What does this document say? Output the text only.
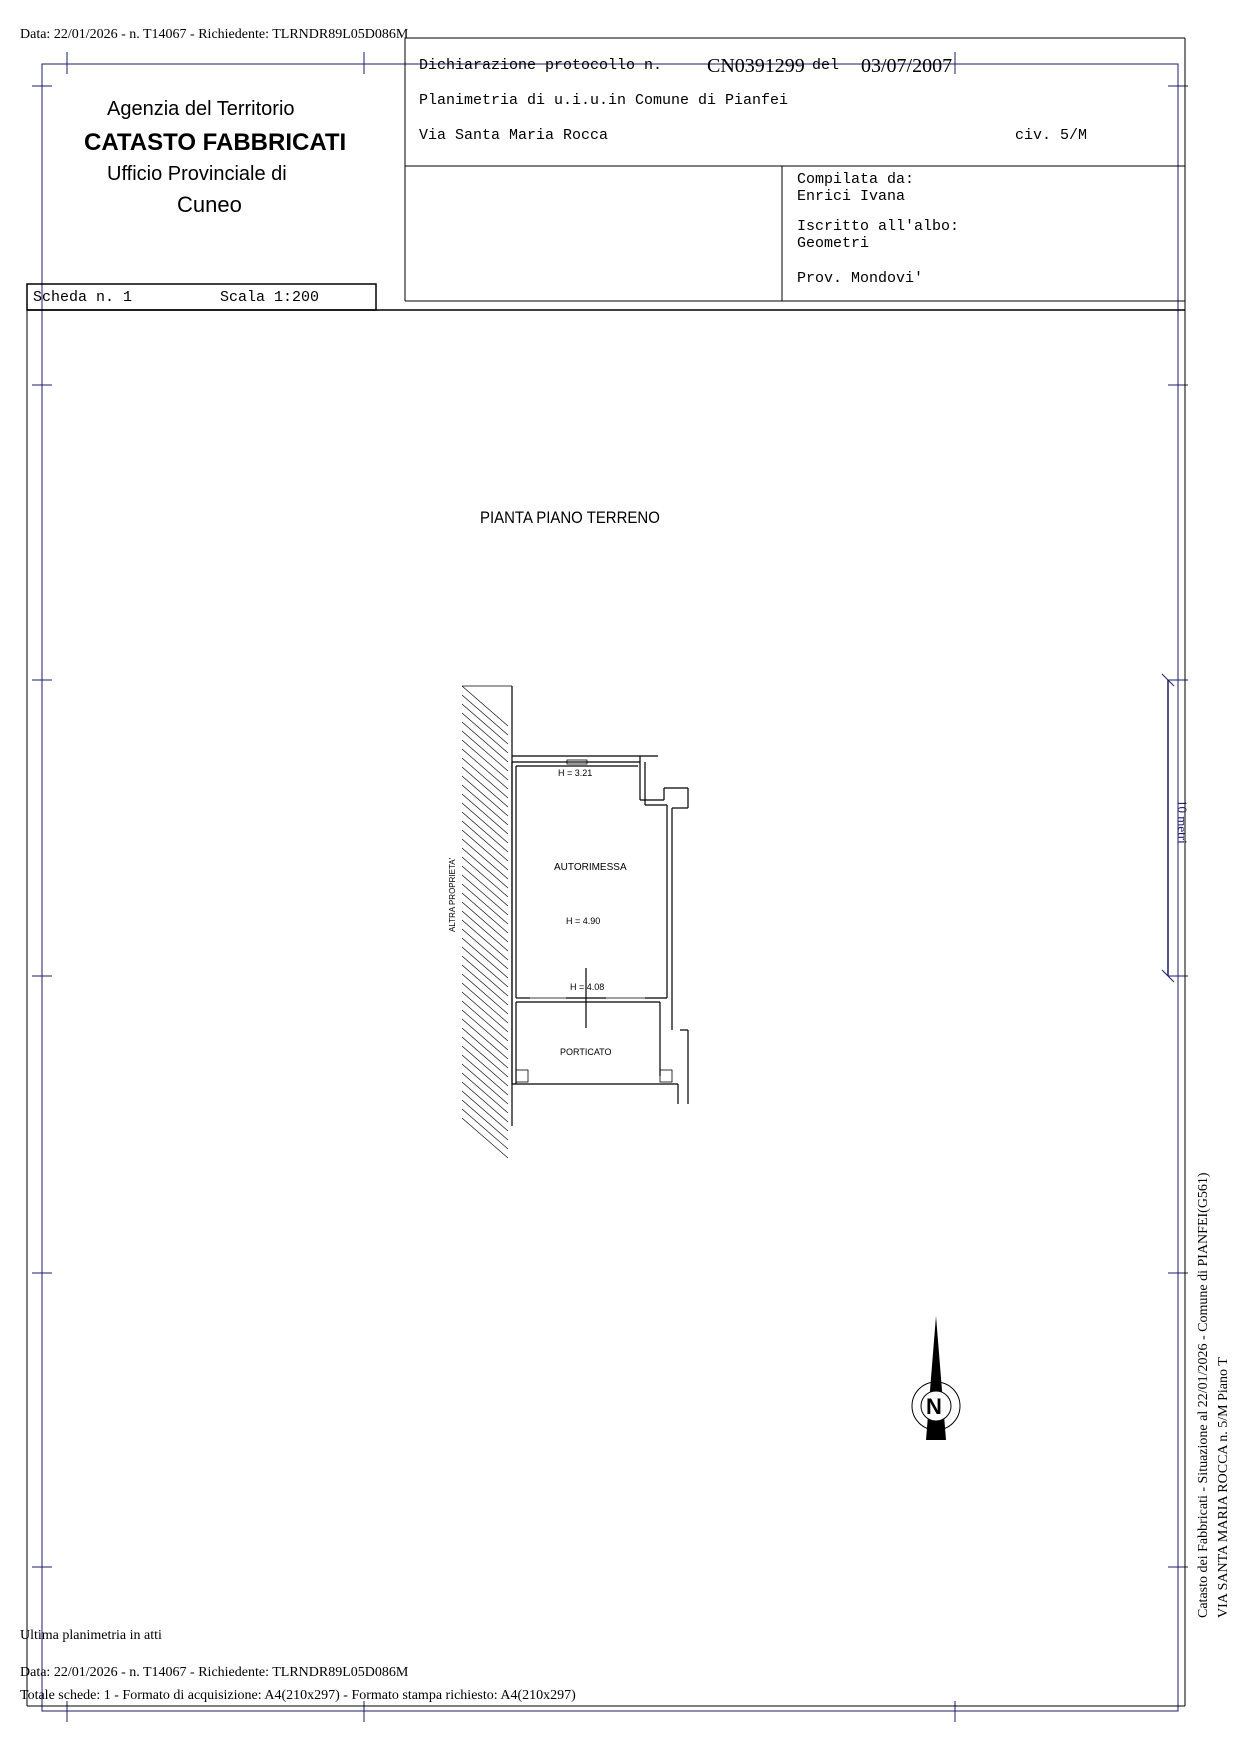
Data: 22/01/2026 - n. T14067 - Richiedente: TLRNDR89L05D086M
Agenzia del Territorio
CATASTO FABBRICATI
Ufficio Provinciale di
Cuneo
Dichiarazione protocollo n. CN0391299 del 03/07/2007
Planimetria di u.i.u.in Comune di Pianfei
Via Santa Maria Rocca	civ. 5/M
Compilata da:
Enrici Ivana
Iscritto all'albo:
Geometri
Prov. Mondovi'
Scheda n. 1	Scala 1:200
PIANTA PIANO TERRENO
ALTRA PROPRIETA'
H = 3.21
AUTORIMESSA
H = 4.90
H = 4.08
PORTICATO
10 metri
N	Catasto dei Fabbricati - Situazione al 22/01/2026 - Comune di PIANFEI(G561) VIA SANTA MARIA ROCCA n. 5/M Piano T
Ultima planimetria in atti
Data: 22/01/2026 - n. T14067 - Richiedente: TLRNDR89L05D086M
Totale schede: 1 - Formato di acquisizione: A4(210x297) - Formato stampa richiesto: A4(210x297)
